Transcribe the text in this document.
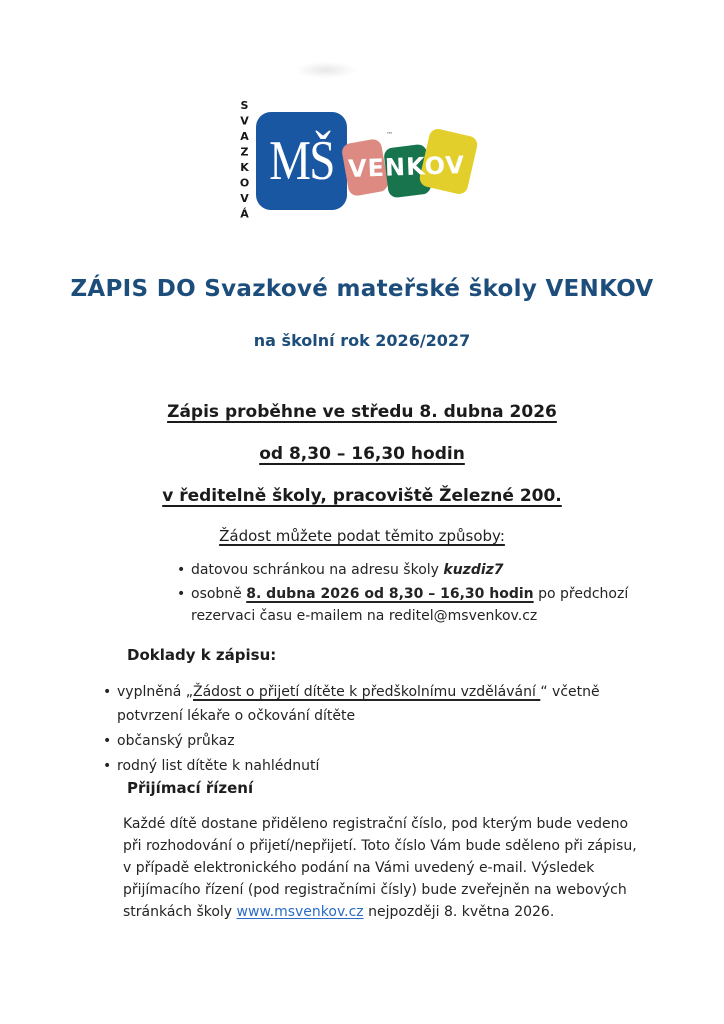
SVAZKOVÁ MŠ VENKOV
™
ZÁPIS DO Svazkové mateřské školy VENKOV
na školní rok 2026/2027
Zápis proběhne ve středu 8. dubna 2026
od 8,30 – 16,30 hodin
v ředitelně školy, pracoviště Železné 200.
Žádost můžete podat těmito způsoby:
• datovou schránkou na adresu školy kuzdiz7
• osobně 8. dubna 2026 od 8,30 – 16,30 hodin po předchozí
rezervaci času e-mailem na reditel@msvenkov.cz
Doklady k zápisu:
• vyplněná „Žádost o přijetí dítěte k předškolnímu vzdělávání “ včetně
potvrzení lékaře o očkování dítěte
• občanský průkaz
• rodný list dítěte k nahlédnutí
Přijímací řízení
Každé dítě dostane přiděleno registrační číslo, pod kterým bude vedeno
při rozhodování o přijetí/nepřijetí. Toto číslo Vám bude sděleno při zápisu,
v případě elektronického podání na Vámi uvedený e-mail. Výsledek
přijímacího řízení (pod registračními čísly) bude zveřejněn na webových
stránkách školy www.msvenkov.cz nejpozději 8. května 2026.
